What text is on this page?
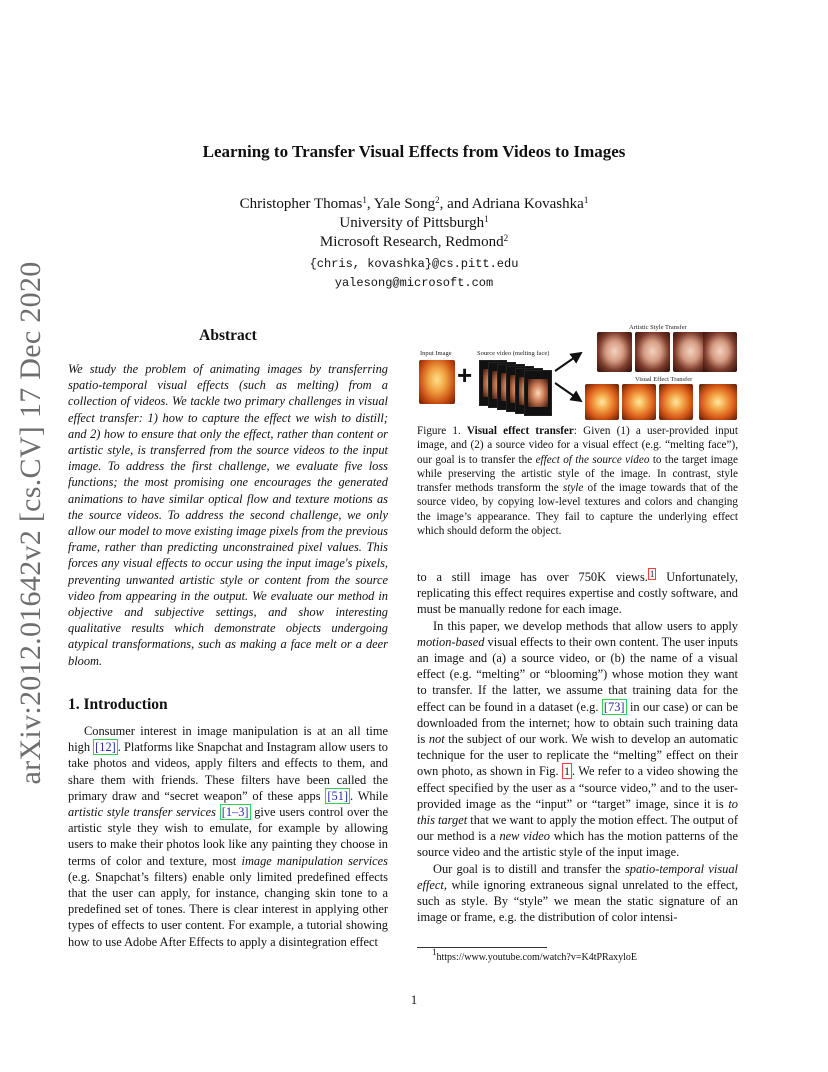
arXiv:2012.01642v2 [cs.CV] 17 Dec 2020
Learning to Transfer Visual Effects from Videos to Images
Christopher Thomas$^1$, Yale Song$^2$, and Adriana Kovashka$^1$
University of Pittsburgh$^1$
Microsoft Research, Redmond$^2$
{chris, kovashka}@cs.pitt.edu
yalesong@microsoft.com
Abstract
We study the problem of animating images by transferring spatio-temporal visual effects (such as melting) from a collection of videos. We tackle two primary challenges in visual effect transfer: 1) how to capture the effect we wish to distill; and 2) how to ensure that only the effect, rather than content or artistic style, is transferred from the source videos to the input image. To address the first challenge, we evaluate five loss functions; the most promising one encourages the generated animations to have similar optical flow and texture motions as the source videos. To address the second challenge, we only allow our model to move existing image pixels from the previous frame, rather than predicting unconstrained pixel values. This forces any visual effects to occur using the input image's pixels, preventing unwanted artistic style or content from the source video from appearing in the output. We evaluate our method in objective and subjective settings, and show interesting qualitative results which demonstrate objects undergoing atypical transformations, such as making a face melt or a deer bloom.
1. Introduction

Consumer interest in image manipulation is at an all time high [12] . Platforms like Snapchat and Instagram allow users to take photos and videos, apply filters and effects to them, and share them with friends. These filters have been called the primary draw and “secret weapon” of these apps [51] . While artistic style transfer services [1–3] give users control over the artistic style they wish to emulate, for example by allowing users to make their photos look like any painting they choose in terms of color and texture, most image manipulation services (e.g. Snapchat’s filters) enable only limited predefined effects that the user can apply, for instance, changing skin tone to a predefined set of tones. There is clear interest in applying other types of effects to user content. For example, a tutorial showing how to use Adobe After Effects to apply a disintegration effect

Input Image	Source video (melting face)
Artistic Style Transfer
Visual Effect Transfer
+
Figure 1. Visual effect transfer: Given (1) a user-provided input image, and (2) a source video for a visual effect (e.g. “melting face”), our goal is to transfer the effect of the source video to the target image while preserving the artistic style of the image. In contrast, style transfer methods transform the style of the image towards that of the source video, by copying low-level textures and colors and changing the image’s appearance. They fail to capture the underlying effect which should deform the object.

to a still image has over 750K views. $^1$ Unfortunately, replicating this effect requires expertise and costly software, and must be manually redone for each image.

In this paper, we develop methods that allow users to apply motion-based visual effects to their own content. The user inputs an image and (a) a source video, or (b) the name of a visual effect (e.g. “melting” or “blooming”) whose motion they want to transfer. If the latter, we assume that training data for the effect can be found in a dataset (e.g. [73] in our case) or can be downloaded from the internet; how to obtain such training data is not the subject of our work. We wish to develop an automatic technique for the user to replicate the “melting” effect on their own photo, as shown in Fig. 1 . We refer to a video showing the effect specified by the user as a “source video,” and to the user-provided image as the “input” or “target” image, since it is to this target that we want to apply the motion effect. The output of our method is a new video which has the motion patterns of the source video and the artistic style of the input image.

Our goal is to distill and transfer the spatio-temporal visual effect, while ignoring extraneous signal unrelated to the effect, such as style. By “style” we mean the static signature of an image or frame, e.g. the distribution of color intensi-

$^1$https://www.youtube.com/watch?v=K4tPRaxyloE
1
